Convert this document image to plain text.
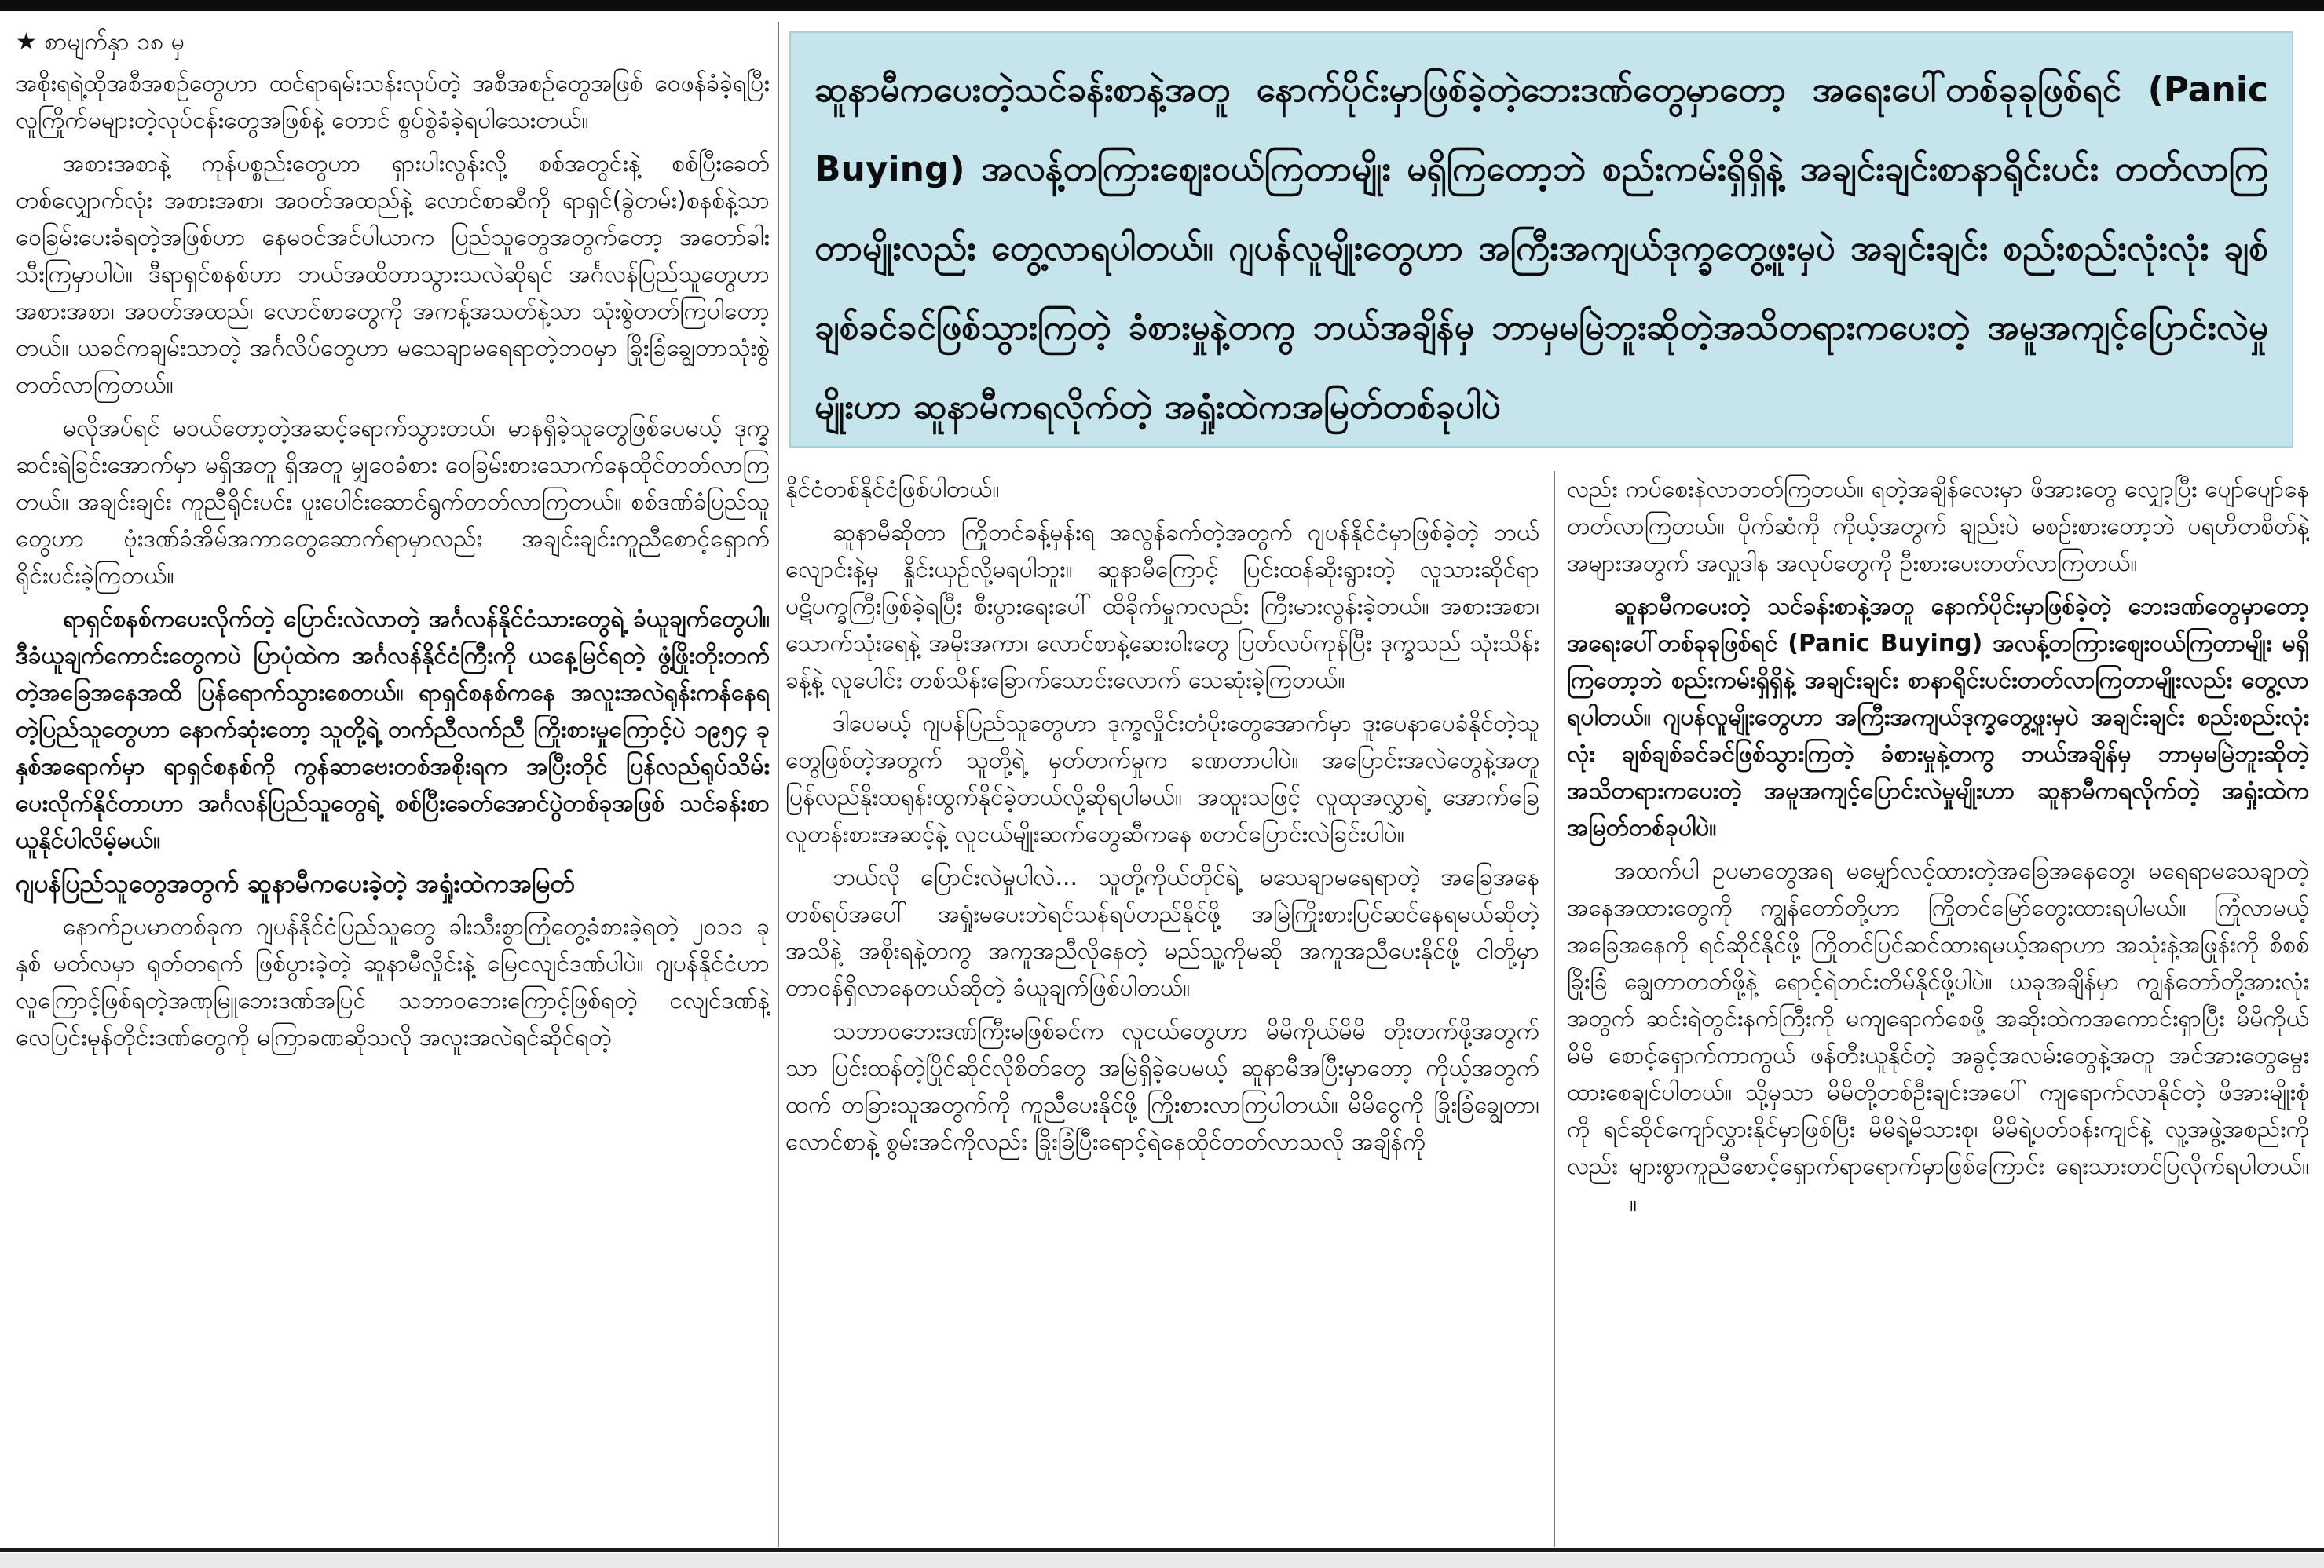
★ စာမျက်နှာ ၁၈ မှ

အစိုးရရဲ့ထိုအစီအစဉ်တွေဟာ ထင်ရာရမ်းသန်းလုပ်တဲ့ အစီအစဉ်တွေအဖြစ် ဝေဖန်ခံခဲ့ရပြီး လူကြိုက်မများတဲ့လုပ်ငန်းတွေအဖြစ်နဲ့ တောင် စွပ်စွဲခံခဲ့ရပါသေးတယ်။

အစားအစာနဲ့ ကုန်ပစ္စည်းတွေဟာ ရှားပါးလွန်းလို့ စစ်အတွင်းနဲ့ စစ်ပြီးခေတ်တစ်လျှောက်လုံး အစားအစာ၊ အဝတ်အထည်နဲ့ လောင်စာဆီကို ရာရှင်(ခွဲတမ်း)စနစ်နဲ့သာ ဝေခြမ်းပေးခံရတဲ့အဖြစ်ဟာ နေမဝင်အင်ပါယာက ပြည်သူတွေအတွက်တော့ အတော်ခါးသီးကြမှာပါပဲ။ ဒီရာရှင်စနစ်ဟာ ဘယ်အထိတာသွားသလဲဆိုရင် အင်္ဂလန်ပြည်သူတွေဟာ အစားအစာ၊ အဝတ်အထည်၊ လောင်စာတွေကို အကန့်အသတ်နဲ့သာ သုံးစွဲတတ်ကြပါတော့တယ်။ ယခင်ကချမ်းသာတဲ့ အင်္ဂလိပ်တွေဟာ မသေချာမရေရာတဲ့ဘဝမှာ ခြိုးခြံချွေတာသုံးစွဲတတ်လာကြတယ်။

မလိုအပ်ရင် မဝယ်တော့တဲ့အဆင့်ရောက်သွားတယ်၊ မာနရှိခဲ့သူတွေဖြစ်ပေမယ့် ဒုက္ခဆင်းရဲခြင်းအောက်မှာ မရှိအတူ ရှိအတူ မျှဝေခံစား ဝေခြမ်းစားသောက်နေထိုင်တတ်လာကြတယ်။ အချင်းချင်း ကူညီရိုင်းပင်း ပူးပေါင်းဆောင်ရွက်တတ်လာကြတယ်။ စစ်ဒဏ်ခံပြည်သူတွေဟာ ဗုံးဒဏ်ခံအိမ်အကာတွေဆောက်ရာမှာလည်း အချင်းချင်းကူညီစောင့်ရှောက်ရိုင်းပင်းခဲ့ကြတယ်။

ရာရှင်စနစ်ကပေးလိုက်တဲ့ ပြောင်းလဲလာတဲ့ အင်္ဂလန်နိုင်ငံသားတွေရဲ့ ခံယူချက်တွေပါ။ ဒီခံယူချက်ကောင်းတွေကပဲ ပြာပုံထဲက အင်္ဂလန်နိုင်ငံကြီးကို ယနေ့မြင်ရတဲ့ ဖွံ့ဖြိုးတိုးတက်တဲ့အခြေအနေအထိ ပြန်ရောက်သွားစေတယ်။ ရာရှင်စနစ်ကနေ အလူးအလဲရုန်းကန်နေရတဲ့ပြည်သူတွေဟာ နောက်ဆုံးတော့ သူတို့ရဲ့ တက်ညီလက်ညီ ကြိုးစားမှုကြောင့်ပဲ ၁၉၅၄ ခုနှစ်အရောက်မှာ ရာရှင်စနစ်ကို ကွန်ဆာဗေးတစ်အစိုးရက အပြီးတိုင် ပြန်လည်ရုပ်သိမ်းပေးလိုက်နိုင်တာဟာ အင်္ဂလန်ပြည်သူတွေရဲ့ စစ်ပြီးခေတ်အောင်ပွဲတစ်ခုအဖြစ် သင်ခန်းစာယူနိုင်ပါလိမ့်မယ်။

ဂျပန်ပြည်သူတွေအတွက် ဆူနာမီကပေးခဲ့တဲ့ အရှုံးထဲကအမြတ်

နောက်ဥပမာတစ်ခုက ဂျပန်နိုင်ငံပြည်သူတွေ ခါးသီးစွာကြုံတွေ့ခံစားခဲ့ရတဲ့ ၂၀၁၁ ခုနှစ် မတ်လမှာ ရုတ်တရက် ဖြစ်ပွားခဲ့တဲ့ ဆူနာမီလှိုင်းနဲ့ မြေငလျင်ဒဏ်ပါပဲ။ ဂျပန်နိုင်ငံဟာ လူကြောင့်ဖြစ်ရတဲ့အဏုမြူဘေးဒဏ်အပြင် သဘာဝဘေးကြောင့်ဖြစ်ရတဲ့ ငလျင်ဒဏ်နဲ့ လေပြင်းမုန်တိုင်းဒဏ်တွေကို မကြာခဏဆိုသလို အလူးအလဲရင်ဆိုင်ရတဲ့

ဆူနာမီကပေးတဲ့သင်ခန်းစာနဲ့အတူ နောက်ပိုင်းမှာဖြစ်ခဲ့တဲ့ဘေးဒဏ်တွေမှာတော့ အရေးပေါ်တစ်ခုခုဖြစ်ရင် (Panic Buying) အလန့်တကြားဈေးဝယ်ကြတာမျိုး မရှိကြတော့ဘဲ စည်းကမ်းရှိရှိနဲ့ အချင်းချင်းစာနာရိုင်းပင်း တတ်လာကြတာမျိုးလည်း တွေ့လာရပါတယ်။ ဂျပန်လူမျိုးတွေဟာ အကြီးအကျယ်ဒုက္ခတွေ့ဖူးမှပဲ အချင်းချင်း စည်းစည်းလုံးလုံး ချစ်ချစ်ခင်ခင်ဖြစ်သွားကြတဲ့ ခံစားမှုနဲ့တကွ ဘယ်အချိန်မှ ဘာမှမမြဲဘူးဆိုတဲ့အသိတရားကပေးတဲ့ အမူအကျင့်ပြောင်းလဲမှုမျိုးဟာ ဆူနာမီကရလိုက်တဲ့ အရှုံးထဲကအမြတ်တစ်ခုပါပဲ

နိုင်ငံတစ်နိုင်ငံဖြစ်ပါတယ်။

ဆူနာမီဆိုတာ ကြိုတင်ခန့်မှန်းရ အလွန်ခက်တဲ့အတွက် ဂျပန်နိုင်ငံမှာဖြစ်ခဲ့တဲ့ ဘယ်လျောင်းနဲ့မှ နှိုင်းယှဉ်လို့မရပါဘူး။ ဆူနာမီကြောင့် ပြင်းထန်ဆိုးရွားတဲ့ လူသားဆိုင်ရာ ပဋိပက္ခကြီးဖြစ်ခဲ့ရပြီး စီးပွားရေးပေါ် ထိခိုက်မှုကလည်း ကြီးမားလွန်းခဲ့တယ်။ အစားအစာ၊ သောက်သုံးရေနဲ့ အမိုးအကာ၊ လောင်စာနဲ့ဆေးဝါးတွေ ပြတ်လပ်ကုန်ပြီး ဒုက္ခသည် သုံးသိန်းခန့်နဲ့ လူပေါင်း တစ်သိန်းခြောက်သောင်းလောက် သေဆုံးခဲ့ကြတယ်။

ဒါပေမယ့် ဂျပန်ပြည်သူတွေဟာ ဒုက္ခလှိုင်းတံပိုးတွေအောက်မှာ ဒူးပေနာပေခံနိုင်တဲ့သူတွေဖြစ်တဲ့အတွက် သူတို့ရဲ့ မှတ်တက်မှုက ခဏတာပါပဲ။ အပြောင်းအလဲတွေနဲ့အတူ ပြန်လည်နိုးထရုန်းထွက်နိုင်ခဲ့တယ်လို့ဆိုရပါမယ်။ အထူးသဖြင့် လူထုအလွှာရဲ့ အောက်ခြေလူတန်းစားအဆင့်နဲ့ လူငယ်မျိုးဆက်တွေဆီကနေ စတင်ပြောင်းလဲခြင်းပါပဲ။

ဘယ်လို ပြောင်းလဲမှုပါလဲ... သူတို့ကိုယ်တိုင်ရဲ့ မသေချာမရေရာတဲ့ အခြေအနေတစ်ရပ်အပေါ် အရှုံးမပေးဘဲရင်သန်ရပ်တည်နိုင်ဖို့ အမြဲကြိုးစားပြင်ဆင်နေရမယ်ဆိုတဲ့ အသိနဲ့ အစိုးရနဲ့တကွ အကူအညီလိုနေတဲ့ မည်သူ့ကိုမဆို အကူအညီပေးနိုင်ဖို့ ငါတို့မှာတာဝန်ရှိလာနေတယ်ဆိုတဲ့ ခံယူချက်ဖြစ်ပါတယ်။

သဘာဝဘေးဒဏ်ကြီးမဖြစ်ခင်က လူငယ်တွေဟာ မိမိကိုယ်မိမိ တိုးတက်ဖို့အတွက်သာ ပြင်းထန်တဲ့ပြိုင်ဆိုင်လိုစိတ်တွေ အမြဲရှိခဲ့ပေမယ့် ဆူနာမီအပြီးမှာတော့ ကိုယ့်အတွက်ထက် တခြားသူအတွက်ကို ကူညီပေးနိုင်ဖို့ ကြိုးစားလာကြပါတယ်။ မိမိငွေကို ခြိုးခြံချွေတာ၊ လောင်စာနဲ့ စွမ်းအင်ကိုလည်း ခြိုးခြံပြီးရောင့်ရဲနေထိုင်တတ်လာသလို အချိန်ကို

လည်း ကပ်စေးနဲလာတတ်ကြတယ်။ ရတဲ့အချိန်လေးမှာ ဖိအားတွေ လျှော့ပြီး ပျော်ပျော်နေတတ်လာကြတယ်။ ပိုက်ဆံကို ကိုယ့်အတွက် ချည်းပဲ မစဉ်းစားတော့ဘဲ ပရဟိတစိတ်နဲ့ အများအတွက် အလှူဒါန အလုပ်တွေကို ဦးစားပေးတတ်လာကြတယ်။

ဆူနာမီကပေးတဲ့ သင်ခန်းစာနဲ့အတူ နောက်ပိုင်းမှာဖြစ်ခဲ့တဲ့ ဘေးဒဏ်တွေမှာတော့ အရေးပေါ်တစ်ခုခုဖြစ်ရင် (Panic Buying) အလန့်တကြားဈေးဝယ်ကြတာမျိုး မရှိကြတော့ဘဲ စည်းကမ်းရှိရှိနဲ့ အချင်းချင်း စာနာရိုင်းပင်းတတ်လာကြတာမျိုးလည်း တွေ့လာရပါတယ်။ ဂျပန်လူမျိုးတွေဟာ အကြီးအကျယ်ဒုက္ခတွေ့ဖူးမှပဲ အချင်းချင်း စည်းစည်းလုံးလုံး ချစ်ချစ်ခင်ခင်ဖြစ်သွားကြတဲ့ ခံစားမှုနဲ့တကွ ဘယ်အချိန်မှ ဘာမှမမြဲဘူးဆိုတဲ့ အသိတရားကပေးတဲ့ အမူအကျင့်ပြောင်းလဲမှုမျိုးဟာ ဆူနာမီကရလိုက်တဲ့ အရှုံးထဲကအမြတ်တစ်ခုပါပဲ။

အထက်ပါ ဥပမာတွေအရ မမျှော်လင့်ထားတဲ့အခြေအနေတွေ၊ မရေရာမသေချာတဲ့ အနေအထားတွေကို ကျွန်တော်တို့ဟာ ကြိုတင်မြော်တွေးထားရပါမယ်။ ကြုံလာမယ့် အခြေအနေကို ရင်ဆိုင်နိုင်ဖို့ ကြိုတင်ပြင်ဆင်ထားရမယ့်အရာဟာ အသုံးနဲ့အဖြုန်းကို စိစစ်ခြိုးခြံ ချွေတာတတ်ဖို့နဲ့ ရောင့်ရဲတင်းတိမ်နိုင်ဖို့ပါပဲ။ ယခုအချိန်မှာ ကျွန်တော်တို့အားလုံးအတွက် ဆင်းရဲတွင်းနက်ကြီးကို မကျရောက်စေဖို့ အဆိုးထဲကအကောင်းရှာပြီး မိမိကိုယ်မိမိ စောင့်ရှောက်ကာကွယ် ဖန်တီးယူနိုင်တဲ့ အခွင့်အလမ်းတွေနဲ့အတူ အင်အားတွေမွေးထားစေချင်ပါတယ်။ သို့မှသာ မိမိတို့တစ်ဦးချင်းအပေါ် ကျရောက်လာနိုင်တဲ့ ဖိအားမျိုးစုံကို ရင်ဆိုင်ကျော်လွှားနိုင်မှာဖြစ်ပြီး မိမိရဲ့မိသားစု၊ မိမိရဲ့ပတ်ဝန်းကျင်နဲ့ လူ့အဖွဲ့အစည်းကိုလည်း များစွာကူညီစောင့်ရှောက်ရာရောက်မှာဖြစ်ကြောင်း ရေးသားတင်ပြလိုက်ရပါတယ်။။
